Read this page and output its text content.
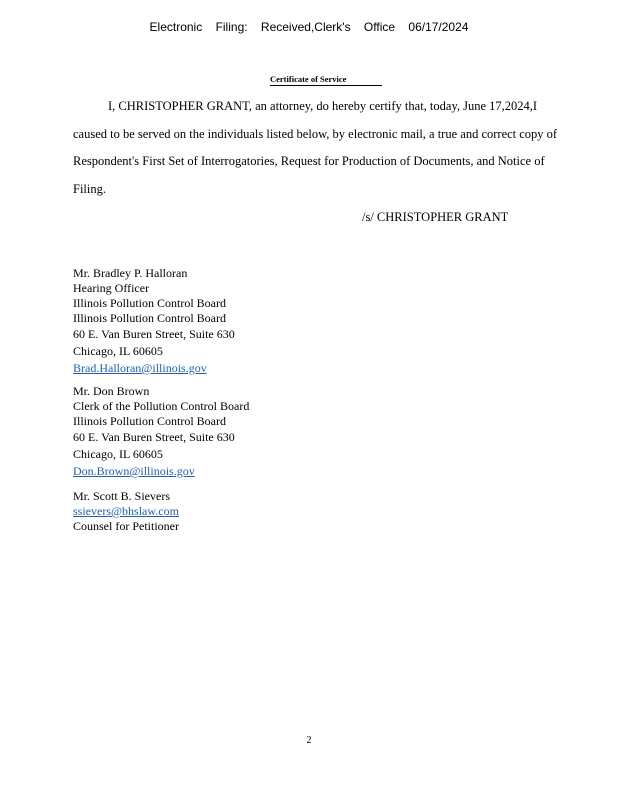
Electronic Filing: Received,Clerk's Office 06/17/2024
Certificate of Service
I, CHRISTOPHER GRANT, an attorney, do hereby certify that, today, June 17,2024,I
caused to be served on the individuals listed below, by electronic mail, a true and correct copy of
Respondent's First Set of Interrogatories, Request for Production of Documents, and Notice of
Filing.
/s/ CHRISTOPHER GRANT
Mr. Bradley P. Halloran
Hearing Officer
Illinois Pollution Control Board
Illinois Pollution Control Board
60 E. Van Buren Street, Suite 630
Chicago, IL 60605
Brad.Halloran@illinois.gov
Mr. Don Brown
Clerk of the Pollution Control Board
Illinois Pollution Control Board
60 E. Van Buren Street, Suite 630
Chicago, IL 60605
Don.Brown@illinois.gov
Mr. Scott B. Sievers
ssievers@bhslaw.com
Counsel for Petitioner
2
